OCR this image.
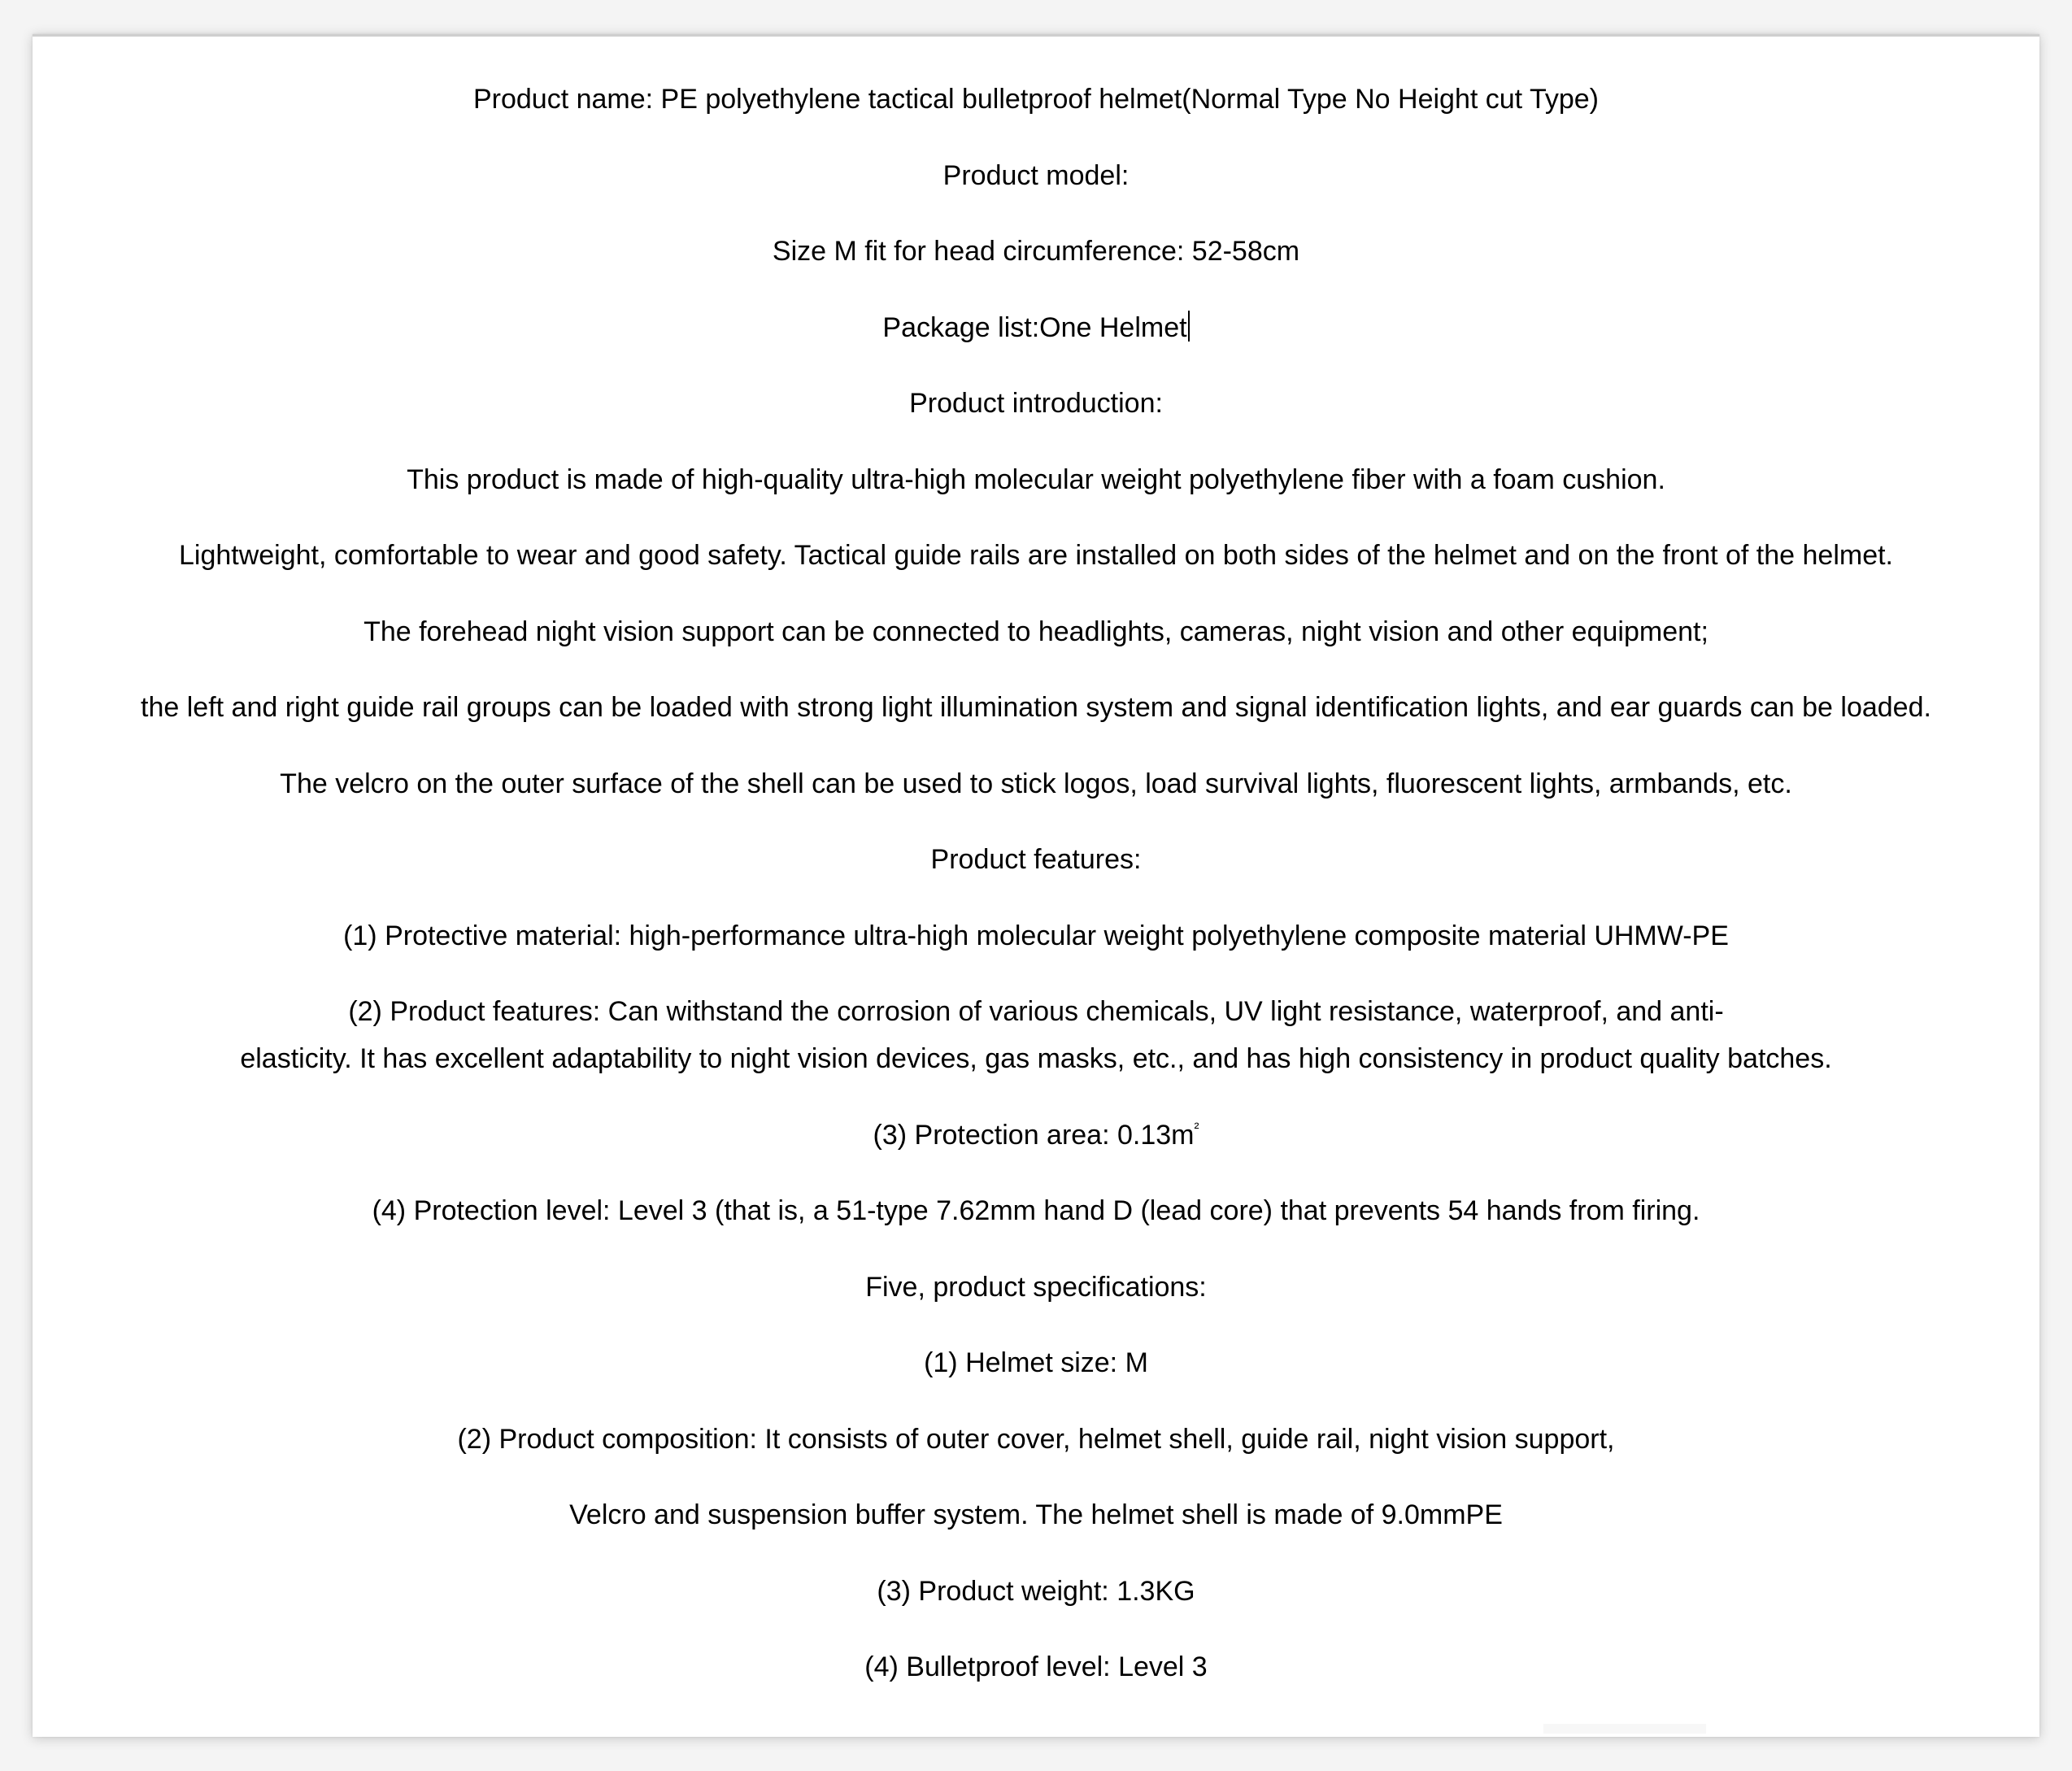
Product name: PE polyethylene tactical bulletproof helmet(Normal Type No Height cut Type)

Product model:

Size M fit for head circumference: 52-58cm

Package list:One Helmet

Product introduction:

This product is made of high-quality ultra-high molecular weight polyethylene fiber with a foam cushion.

Lightweight, comfortable to wear and good safety. Tactical guide rails are installed on both sides of the helmet and on the front of the helmet.

The forehead night vision support can be connected to headlights, cameras, night vision and other equipment;

the left and right guide rail groups can be loaded with strong light illumination system and signal identification lights, and ear guards can be loaded.

The velcro on the outer surface of the shell can be used to stick logos, load survival lights, fluorescent lights, armbands, etc.

Product features:

(1) Protective material: high-performance ultra-high molecular weight polyethylene composite material UHMW-PE

(2) Product features: Can withstand the corrosion of various chemicals, UV light resistance, waterproof, and anti-
elasticity. It has excellent adaptability to night vision devices, gas masks, etc., and has high consistency in product quality batches.

(3) Protection area: $0.13m^{^2}$

(4) Protection level: Level 3 (that is, a 51-type 7.62mm hand D (lead core) that prevents 54 hands from firing.

Five, product specifications:

(1) Helmet size: M

(2) Product composition: It consists of outer cover, helmet shell, guide rail, night vision support,

Velcro and suspension buffer system. The helmet shell is made of 9.0mmPE

(3) Product weight: 1.3KG

(4) Bulletproof level: Level 3
